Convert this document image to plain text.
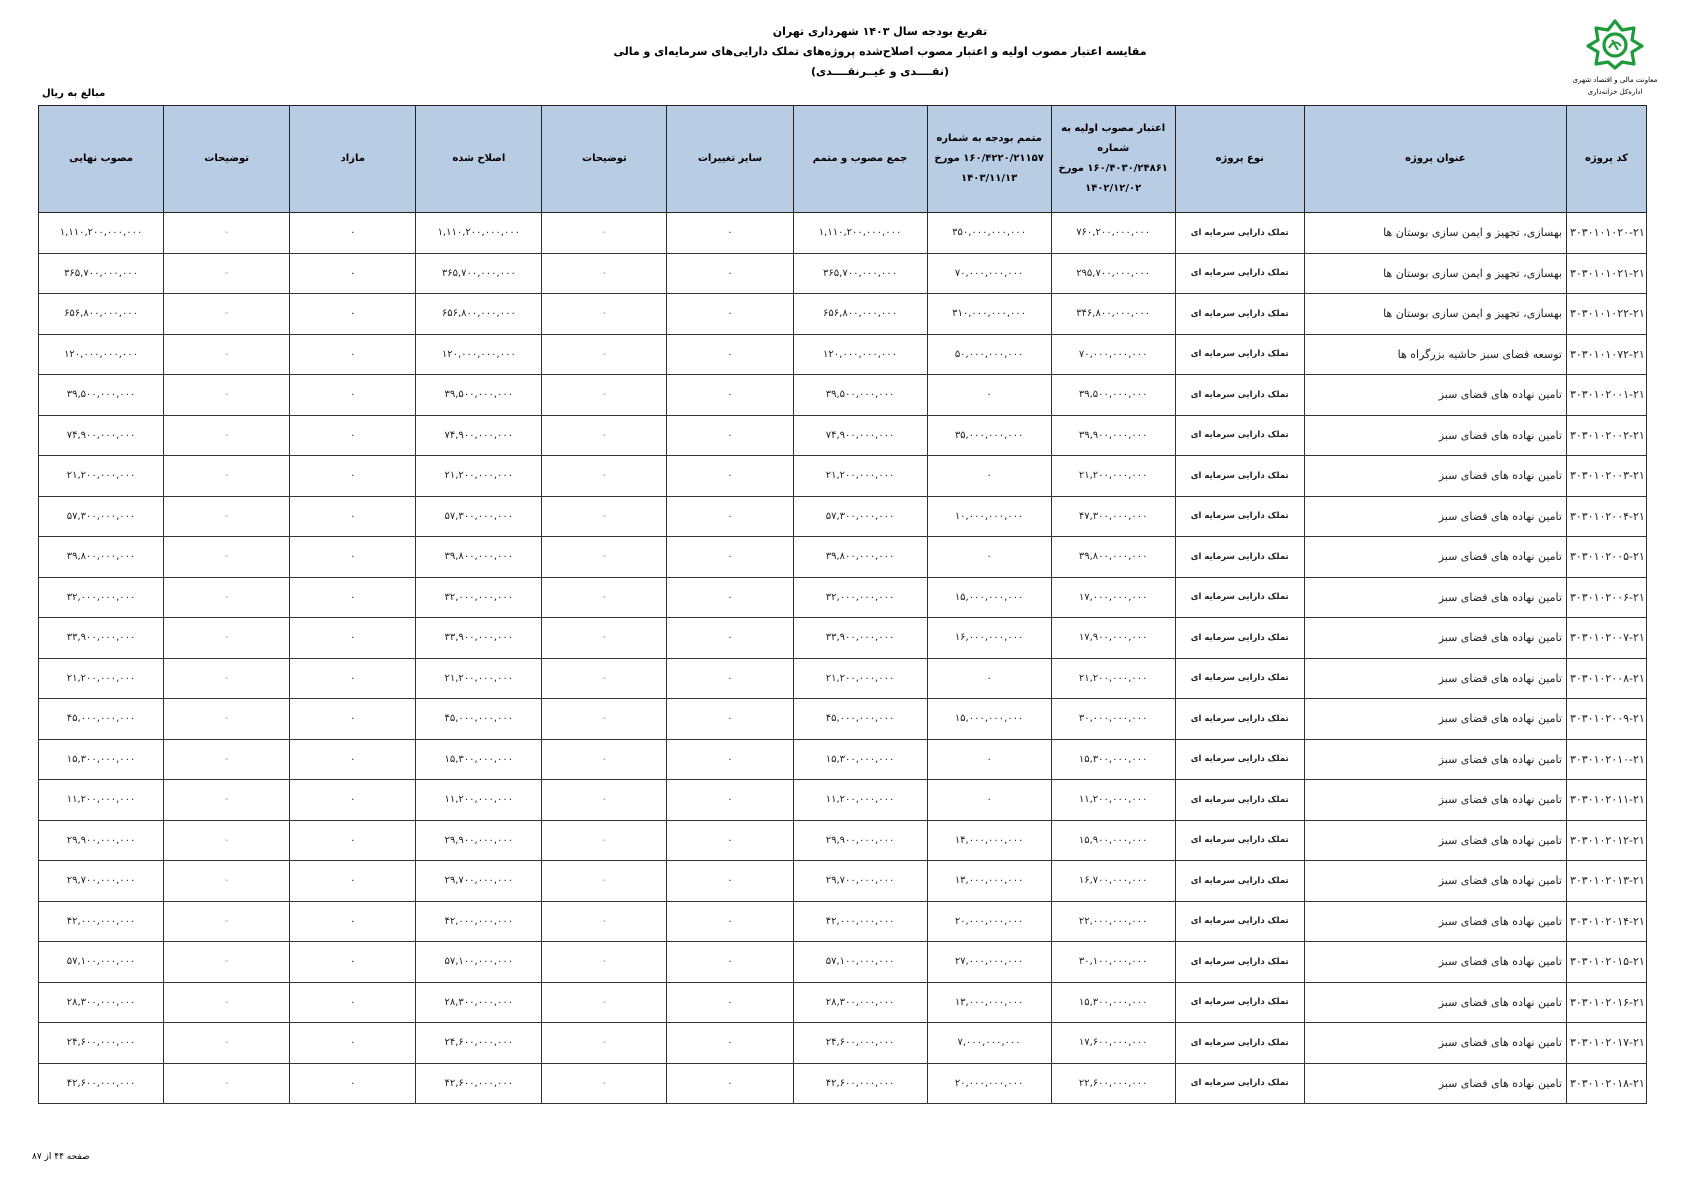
تفریغ بودجه سال ۱۴۰۳ شهرداری تهران
مقایسه اعتبار مصوب اولیه و اعتبار مصوب اصلاح‌شده پروژه‌های تملک دارایی‌های سرمایه‌ای و مالی
(نقــــدی و غیــرنقــــدی)
معاونت مالی و اقتصاد شهری
اداره‌کل خزانه‌داری
مبالغ به ریال
کد پروژه	عنوان پروژه	نوع پروژه	اعتبار مصوب اولیه به شماره ۱۶۰/۴۰۳۰/۲۴۸۶۱ مورخ ۱۴۰۲/۱۲/۰۲	متمم بودجه به شماره ۱۶۰/۴۲۲۰/۲۱۱۵۷ مورخ ۱۴۰۳/۱۱/۱۳	جمع مصوب و متمم	سایر تغییرات	توضیحات	اصلاح شده	مازاد	توضیحات	مصوب نهایی
۳۰۳۰۱۰۱۰۲۰-۲۱	بهسازی، تجهیز و ایمن سازی بوستان ها	تملک دارایی سرمایه ای	۷۶۰,۲۰۰,۰۰۰,۰۰۰	۳۵۰,۰۰۰,۰۰۰,۰۰۰	۱,۱۱۰,۲۰۰,۰۰۰,۰۰۰	۰	-	۱,۱۱۰,۲۰۰,۰۰۰,۰۰۰	۰	-	۱,۱۱۰,۲۰۰,۰۰۰,۰۰۰
۳۰۳۰۱۰۱۰۲۱-۲۱	بهسازی، تجهیز و ایمن سازی بوستان ها	تملک دارایی سرمایه ای	۲۹۵,۷۰۰,۰۰۰,۰۰۰	۷۰,۰۰۰,۰۰۰,۰۰۰	۳۶۵,۷۰۰,۰۰۰,۰۰۰	۰	-	۳۶۵,۷۰۰,۰۰۰,۰۰۰	۰	-	۳۶۵,۷۰۰,۰۰۰,۰۰۰
۳۰۳۰۱۰۱۰۲۲-۲۱	بهسازی، تجهیز و ایمن سازی بوستان ها	تملک دارایی سرمایه ای	۳۴۶,۸۰۰,۰۰۰,۰۰۰	۳۱۰,۰۰۰,۰۰۰,۰۰۰	۶۵۶,۸۰۰,۰۰۰,۰۰۰	۰	-	۶۵۶,۸۰۰,۰۰۰,۰۰۰	۰	-	۶۵۶,۸۰۰,۰۰۰,۰۰۰
۳۰۳۰۱۰۱۰۷۲-۲۱	توسعه فضای سبز حاشیه بزرگراه ها	تملک دارایی سرمایه ای	۷۰,۰۰۰,۰۰۰,۰۰۰	۵۰,۰۰۰,۰۰۰,۰۰۰	۱۲۰,۰۰۰,۰۰۰,۰۰۰	۰	-	۱۲۰,۰۰۰,۰۰۰,۰۰۰	۰	-	۱۲۰,۰۰۰,۰۰۰,۰۰۰
۳۰۳۰۱۰۲۰۰۱-۲۱	تامین نهاده های فضای سبز	تملک دارایی سرمایه ای	۳۹,۵۰۰,۰۰۰,۰۰۰	۰	۳۹,۵۰۰,۰۰۰,۰۰۰	۰	-	۳۹,۵۰۰,۰۰۰,۰۰۰	۰	-	۳۹,۵۰۰,۰۰۰,۰۰۰
۳۰۳۰۱۰۲۰۰۲-۲۱	تامین نهاده های فضای سبز	تملک دارایی سرمایه ای	۳۹,۹۰۰,۰۰۰,۰۰۰	۳۵,۰۰۰,۰۰۰,۰۰۰	۷۴,۹۰۰,۰۰۰,۰۰۰	۰	-	۷۴,۹۰۰,۰۰۰,۰۰۰	۰	-	۷۴,۹۰۰,۰۰۰,۰۰۰
۳۰۳۰۱۰۲۰۰۳-۲۱	تامین نهاده های فضای سبز	تملک دارایی سرمایه ای	۲۱,۲۰۰,۰۰۰,۰۰۰	۰	۲۱,۲۰۰,۰۰۰,۰۰۰	۰	-	۲۱,۲۰۰,۰۰۰,۰۰۰	۰	-	۲۱,۲۰۰,۰۰۰,۰۰۰
۳۰۳۰۱۰۲۰۰۴-۲۱	تامین نهاده های فضای سبز	تملک دارایی سرمایه ای	۴۷,۳۰۰,۰۰۰,۰۰۰	۱۰,۰۰۰,۰۰۰,۰۰۰	۵۷,۳۰۰,۰۰۰,۰۰۰	۰	-	۵۷,۳۰۰,۰۰۰,۰۰۰	۰	-	۵۷,۳۰۰,۰۰۰,۰۰۰
۳۰۳۰۱۰۲۰۰۵-۲۱	تامین نهاده های فضای سبز	تملک دارایی سرمایه ای	۳۹,۸۰۰,۰۰۰,۰۰۰	۰	۳۹,۸۰۰,۰۰۰,۰۰۰	۰	-	۳۹,۸۰۰,۰۰۰,۰۰۰	۰	-	۳۹,۸۰۰,۰۰۰,۰۰۰
۳۰۳۰۱۰۲۰۰۶-۲۱	تامین نهاده های فضای سبز	تملک دارایی سرمایه ای	۱۷,۰۰۰,۰۰۰,۰۰۰	۱۵,۰۰۰,۰۰۰,۰۰۰	۳۲,۰۰۰,۰۰۰,۰۰۰	۰	-	۳۲,۰۰۰,۰۰۰,۰۰۰	۰	-	۳۲,۰۰۰,۰۰۰,۰۰۰
۳۰۳۰۱۰۲۰۰۷-۲۱	تامین نهاده های فضای سبز	تملک دارایی سرمایه ای	۱۷,۹۰۰,۰۰۰,۰۰۰	۱۶,۰۰۰,۰۰۰,۰۰۰	۳۳,۹۰۰,۰۰۰,۰۰۰	۰	-	۳۳,۹۰۰,۰۰۰,۰۰۰	۰	-	۳۳,۹۰۰,۰۰۰,۰۰۰
۳۰۳۰۱۰۲۰۰۸-۲۱	تامین نهاده های فضای سبز	تملک دارایی سرمایه ای	۲۱,۲۰۰,۰۰۰,۰۰۰	۰	۲۱,۲۰۰,۰۰۰,۰۰۰	۰	-	۲۱,۲۰۰,۰۰۰,۰۰۰	۰	-	۲۱,۲۰۰,۰۰۰,۰۰۰
۳۰۳۰۱۰۲۰۰۹-۲۱	تامین نهاده های فضای سبز	تملک دارایی سرمایه ای	۳۰,۰۰۰,۰۰۰,۰۰۰	۱۵,۰۰۰,۰۰۰,۰۰۰	۴۵,۰۰۰,۰۰۰,۰۰۰	۰	-	۴۵,۰۰۰,۰۰۰,۰۰۰	۰	-	۴۵,۰۰۰,۰۰۰,۰۰۰
۳۰۳۰۱۰۲۰۱۰-۲۱	تامین نهاده های فضای سبز	تملک دارایی سرمایه ای	۱۵,۳۰۰,۰۰۰,۰۰۰	۰	۱۵,۳۰۰,۰۰۰,۰۰۰	۰	-	۱۵,۳۰۰,۰۰۰,۰۰۰	۰	-	۱۵,۳۰۰,۰۰۰,۰۰۰
۳۰۳۰۱۰۲۰۱۱-۲۱	تامین نهاده های فضای سبز	تملک دارایی سرمایه ای	۱۱,۲۰۰,۰۰۰,۰۰۰	۰	۱۱,۲۰۰,۰۰۰,۰۰۰	۰	-	۱۱,۲۰۰,۰۰۰,۰۰۰	۰	-	۱۱,۲۰۰,۰۰۰,۰۰۰
۳۰۳۰۱۰۲۰۱۲-۲۱	تامین نهاده های فضای سبز	تملک دارایی سرمایه ای	۱۵,۹۰۰,۰۰۰,۰۰۰	۱۴,۰۰۰,۰۰۰,۰۰۰	۲۹,۹۰۰,۰۰۰,۰۰۰	۰	-	۲۹,۹۰۰,۰۰۰,۰۰۰	۰	-	۲۹,۹۰۰,۰۰۰,۰۰۰
۳۰۳۰۱۰۲۰۱۳-۲۱	تامین نهاده های فضای سبز	تملک دارایی سرمایه ای	۱۶,۷۰۰,۰۰۰,۰۰۰	۱۳,۰۰۰,۰۰۰,۰۰۰	۲۹,۷۰۰,۰۰۰,۰۰۰	۰	-	۲۹,۷۰۰,۰۰۰,۰۰۰	۰	-	۲۹,۷۰۰,۰۰۰,۰۰۰
۳۰۳۰۱۰۲۰۱۴-۲۱	تامین نهاده های فضای سبز	تملک دارایی سرمایه ای	۲۲,۰۰۰,۰۰۰,۰۰۰	۲۰,۰۰۰,۰۰۰,۰۰۰	۴۲,۰۰۰,۰۰۰,۰۰۰	۰	-	۴۲,۰۰۰,۰۰۰,۰۰۰	۰	-	۴۲,۰۰۰,۰۰۰,۰۰۰
۳۰۳۰۱۰۲۰۱۵-۲۱	تامین نهاده های فضای سبز	تملک دارایی سرمایه ای	۳۰,۱۰۰,۰۰۰,۰۰۰	۲۷,۰۰۰,۰۰۰,۰۰۰	۵۷,۱۰۰,۰۰۰,۰۰۰	۰	-	۵۷,۱۰۰,۰۰۰,۰۰۰	۰	-	۵۷,۱۰۰,۰۰۰,۰۰۰
۳۰۳۰۱۰۲۰۱۶-۲۱	تامین نهاده های فضای سبز	تملک دارایی سرمایه ای	۱۵,۳۰۰,۰۰۰,۰۰۰	۱۳,۰۰۰,۰۰۰,۰۰۰	۲۸,۳۰۰,۰۰۰,۰۰۰	۰	-	۲۸,۳۰۰,۰۰۰,۰۰۰	۰	-	۲۸,۳۰۰,۰۰۰,۰۰۰
۳۰۳۰۱۰۲۰۱۷-۲۱	تامین نهاده های فضای سبز	تملک دارایی سرمایه ای	۱۷,۶۰۰,۰۰۰,۰۰۰	۷,۰۰۰,۰۰۰,۰۰۰	۲۴,۶۰۰,۰۰۰,۰۰۰	۰	-	۲۴,۶۰۰,۰۰۰,۰۰۰	۰	-	۲۴,۶۰۰,۰۰۰,۰۰۰
۳۰۳۰۱۰۲۰۱۸-۲۱	تامین نهاده های فضای سبز	تملک دارایی سرمایه ای	۲۲,۶۰۰,۰۰۰,۰۰۰	۲۰,۰۰۰,۰۰۰,۰۰۰	۴۲,۶۰۰,۰۰۰,۰۰۰	۰	-	۴۲,۶۰۰,۰۰۰,۰۰۰	۰	-	۴۲,۶۰۰,۰۰۰,۰۰۰
صفحه ۴۴ از ۸۷
